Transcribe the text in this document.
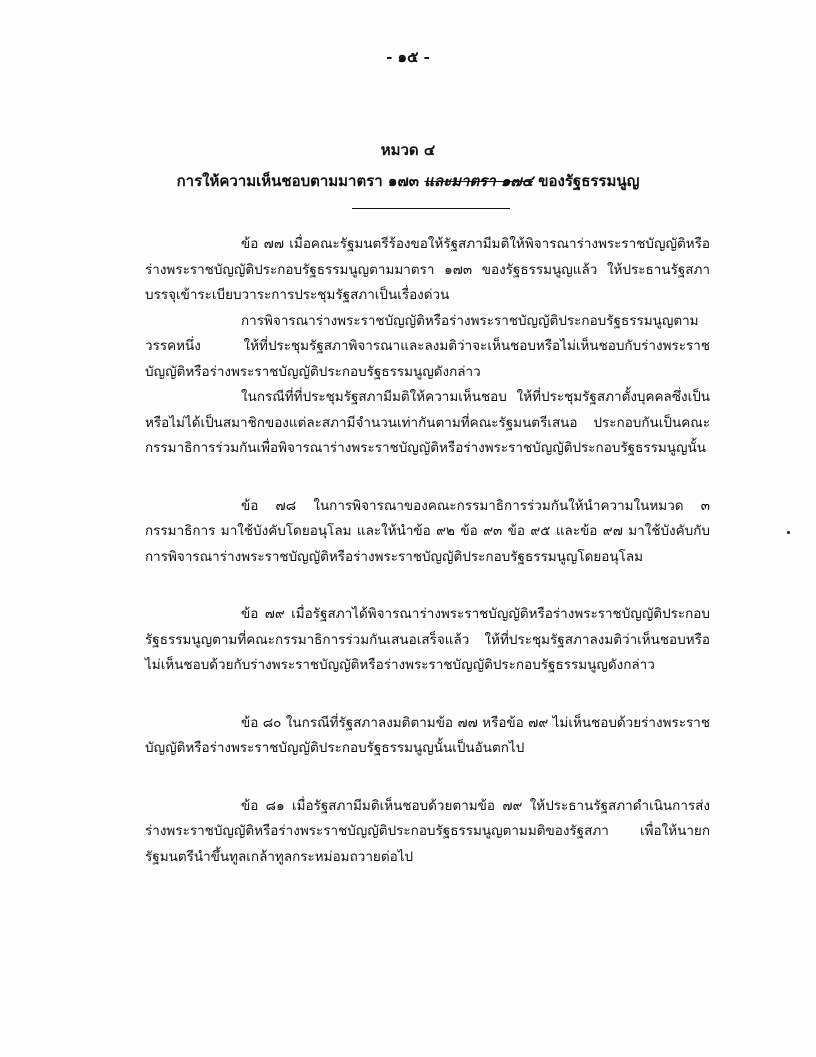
- ๑๕ -
หมวด ๔
การให้ความเห็นชอบตามมาตรา ๑๗๓ และมาตรา ๑๗๔ ของรัฐธรรมนูญ

ข้อ ๗๗ เมื่อคณะรัฐมนตรีร้องขอให้รัฐสภามีมติให้พิจารณาร่างพระราชบัญญัติหรือร่างพระราชบัญญัติประกอบรัฐธรรมนูญตามมาตรา ๑๗๓ ของรัฐธรรมนูญแล้ว ให้ประธานรัฐสภาบรรจุเข้าระเบียบวาระการประชุมรัฐสภาเป็นเรื่องด่วน

การพิจารณาร่างพระราชบัญญัติหรือร่างพระราชบัญญัติประกอบรัฐธรรมนูญตามวรรคหนึ่ง ให้ที่ประชุมรัฐสภาพิจารณาและลงมติว่าจะเห็นชอบหรือไม่เห็นชอบกับร่างพระราชบัญญัติหรือร่างพระราชบัญญัติประกอบรัฐธรรมนูญดังกล่าว

ในกรณีที่ที่ประชุมรัฐสภามีมติให้ความเห็นชอบ ให้ที่ประชุมรัฐสภาตั้งบุคคลซึ่งเป็นหรือไม่ได้เป็นสมาชิกของแต่ละสภามีจำนวนเท่ากันตามที่คณะรัฐมนตรีเสนอ ประกอบกันเป็นคณะกรรมาธิการร่วมกันเพื่อพิจารณาร่างพระราชบัญญัติหรือร่างพระราชบัญญัติประกอบรัฐธรรมนูญนั้น

ข้อ ๗๘ ในการพิจารณาของคณะกรรมาธิการร่วมกันให้นำความในหมวด ๓ กรรมาธิการ มาใช้บังคับโดยอนุโลม และให้นำข้อ ๙๒ ข้อ ๙๓ ข้อ ๙๕ และข้อ ๙๗ มาใช้บังคับกับการพิจารณาร่างพระราชบัญญัติหรือร่างพระราชบัญญัติประกอบรัฐธรรมนูญโดยอนุโลม

ข้อ ๗๙ เมื่อรัฐสภาได้พิจารณาร่างพระราชบัญญัติหรือร่างพระราชบัญญัติประกอบรัฐธรรมนูญตามที่คณะกรรมาธิการร่วมกันเสนอเสร็จแล้ว ให้ที่ประชุมรัฐสภาลงมติว่าเห็นชอบหรือไม่เห็นชอบด้วยกับร่างพระราชบัญญัติหรือร่างพระราชบัญญัติประกอบรัฐธรรมนูญดังกล่าว

ข้อ ๘๐ ในกรณีที่รัฐสภาลงมติตามข้อ ๗๗ หรือข้อ ๗๙ ไม่เห็นชอบด้วยร่างพระราชบัญญัติหรือร่างพระราชบัญญัติประกอบรัฐธรรมนูญนั้นเป็นอันตกไป

ข้อ ๘๑ เมื่อรัฐสภามีมติเห็นชอบด้วยตามข้อ ๗๙ ให้ประธานรัฐสภาดำเนินการส่งร่างพระราชบัญญัติหรือร่างพระราชบัญญัติประกอบรัฐธรรมนูญตามมติของรัฐสภา เพื่อให้นายกรัฐมนตรีนำขึ้นทูลเกล้าทูลกระหม่อมถวายต่อไป
